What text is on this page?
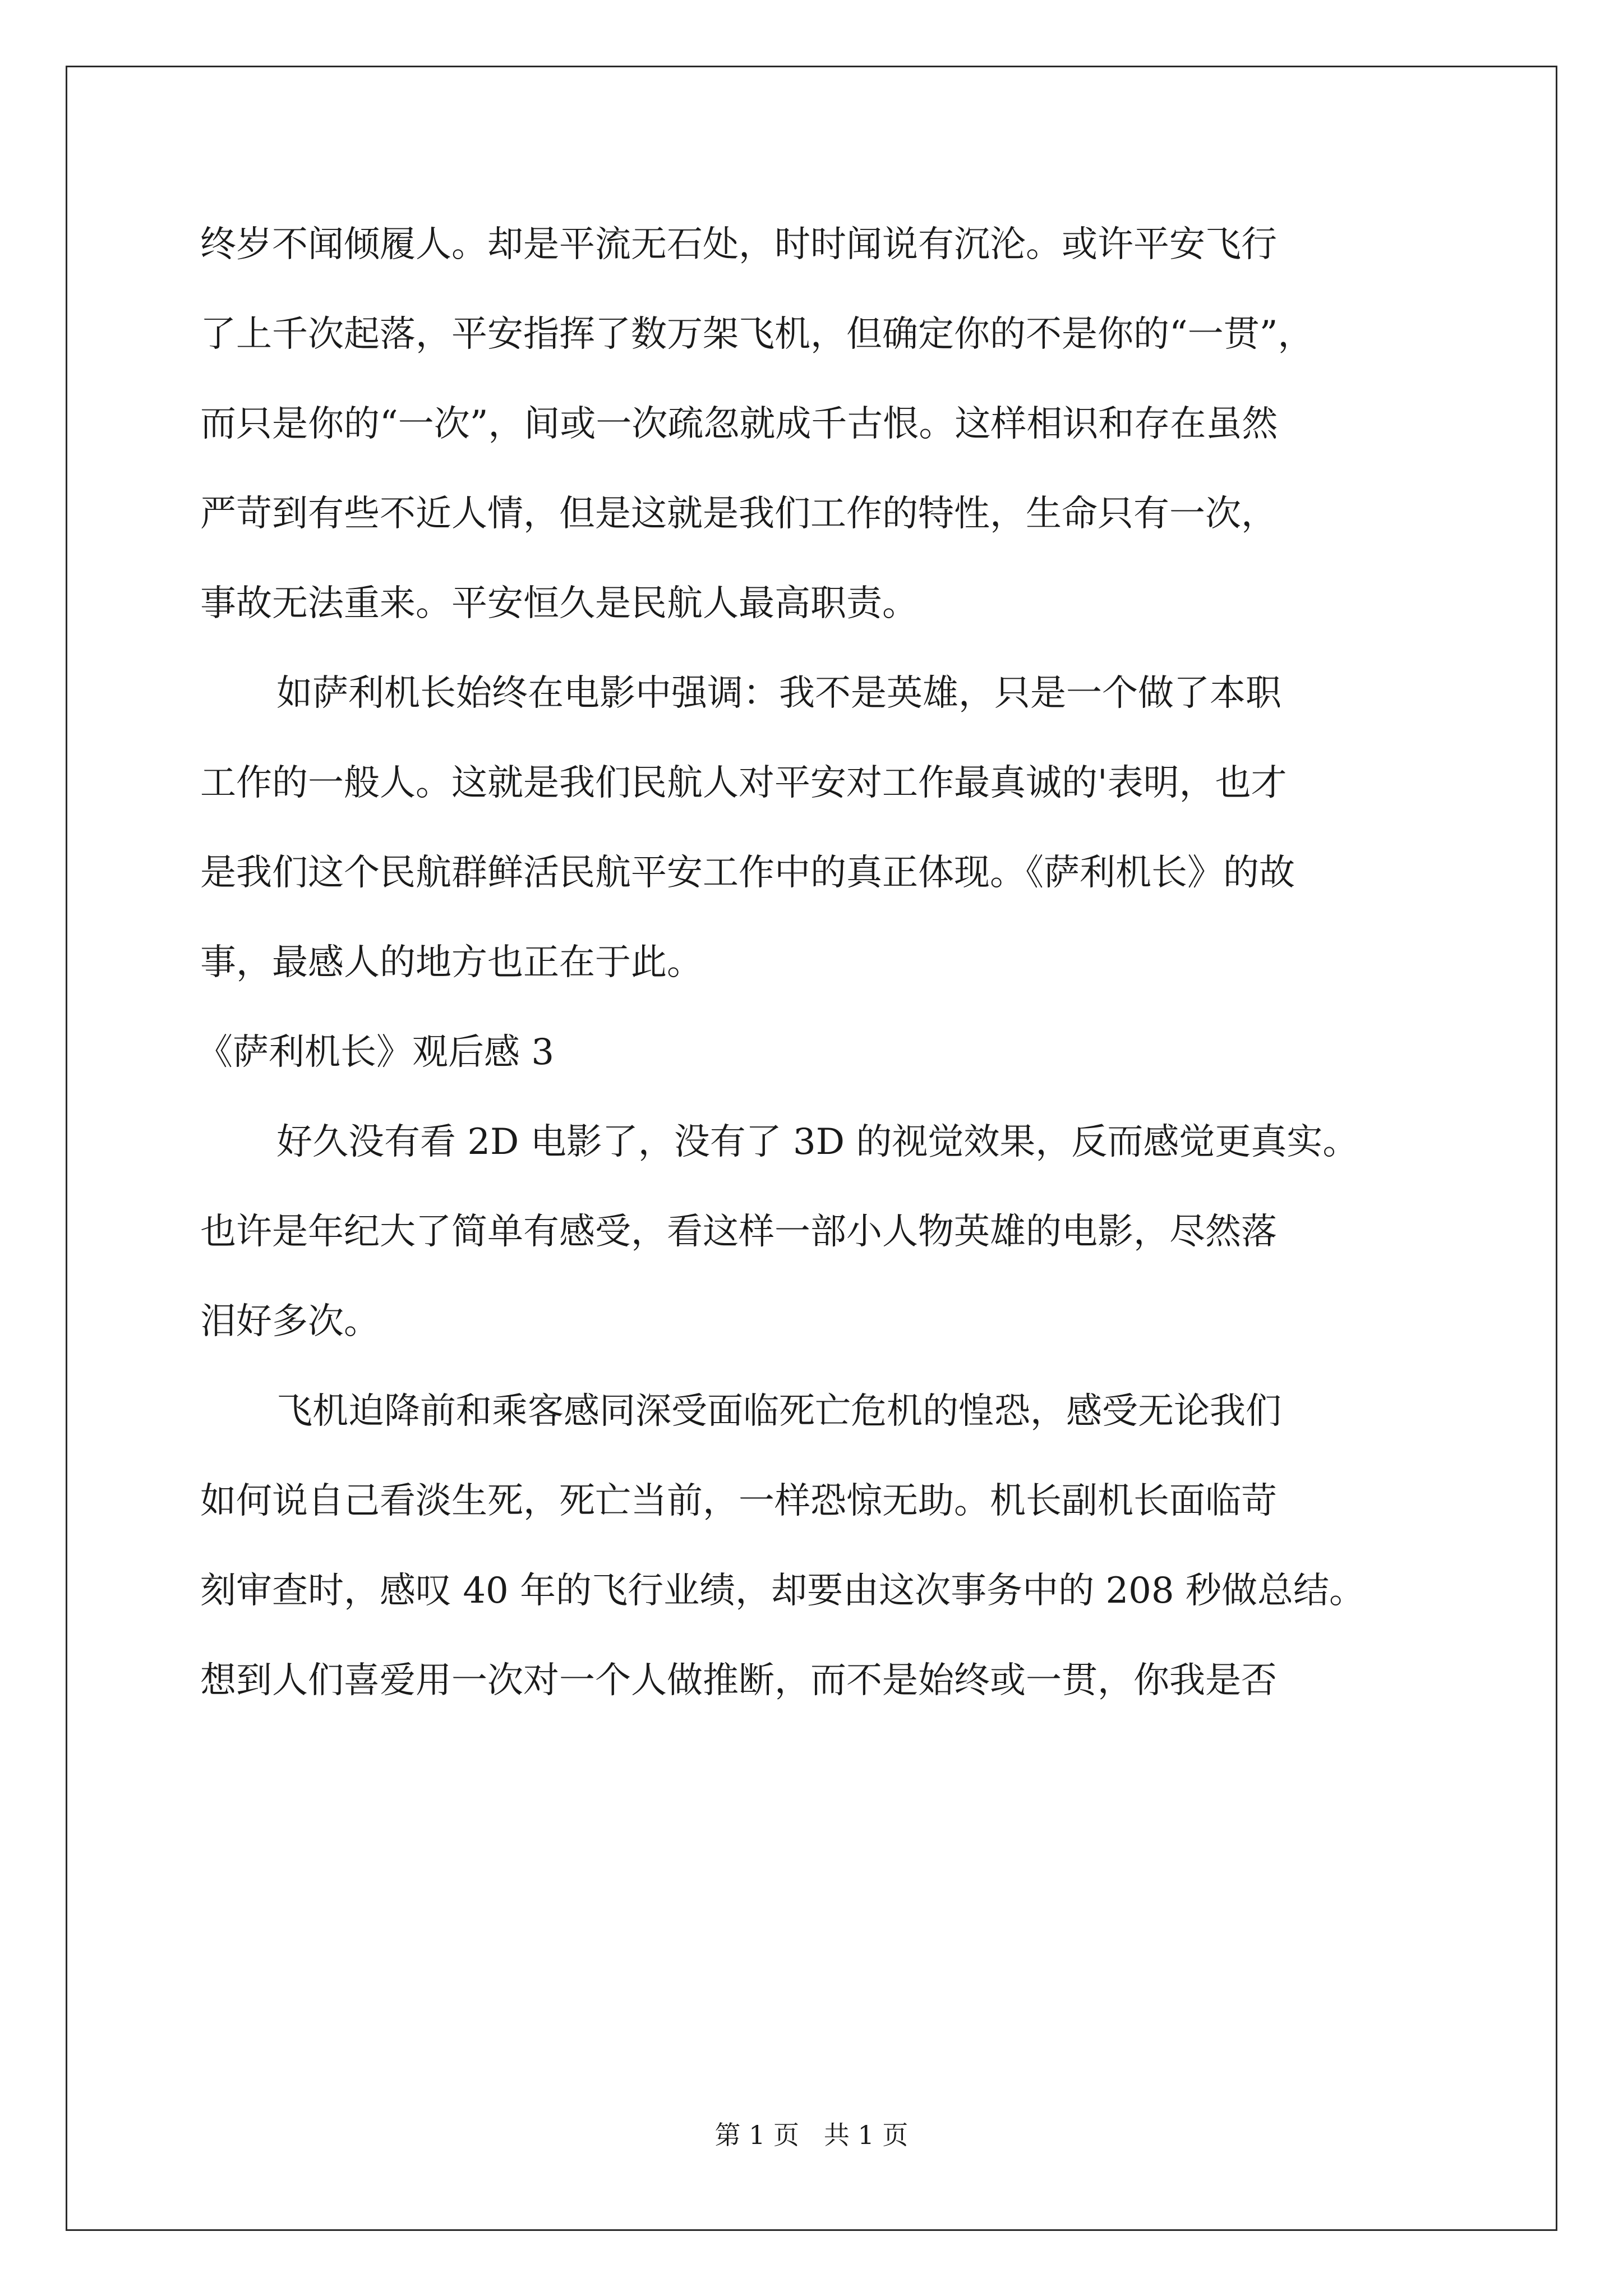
终岁不闻倾履人。却是平流无石处，时时闻说有沉沦。或许平安飞行
了上千次起落，平安指挥了数万架飞机，但确定你的不是你的“一贯”，
而只是你的“一次”，间或一次疏忽就成千古恨。这样相识和存在虽然
严苛到有些不近人情，但是这就是我们工作的特性，生命只有一次，
事故无法重来。平安恒久是民航人最高职责。
如萨利机长始终在电影中强调：我不是英雄，只是一个做了本职
工作的一般人。这就是我们民航人对平安对工作最真诚的'表明，也才
是我们这个民航群鲜活民航平安工作中的真正体现。《萨利机长》的故
事，最感人的地方也正在于此。
《萨利机长》观后感 3
好久没有看 2D 电影了，没有了 3D 的视觉效果，反而感觉更真实。
也许是年纪大了简单有感受，看这样一部小人物英雄的电影，尽然落
泪好多次。
飞机迫降前和乘客感同深受面临死亡危机的惶恐，感受无论我们
如何说自己看淡生死，死亡当前，一样恐惊无助。机长副机长面临苛
刻审查时，感叹 40 年的飞行业绩，却要由这次事务中的 208 秒做总结。
想到人们喜爱用一次对一个人做推断，而不是始终或一贯，你我是否
第 1 页   共 1 页
